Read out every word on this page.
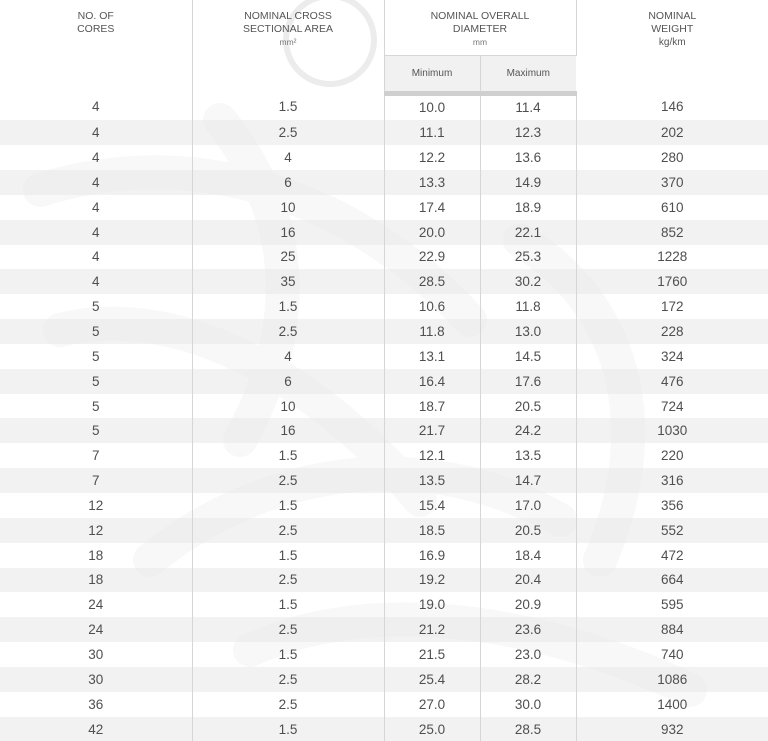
NO. OF
CORES	NOMINAL CROSS
SECTIONAL AREA
mm²	NOMINAL OVERALL
DIAMETER
mm		NOMINAL
WEIGHT
kg/km

		Minimum	Maximum	
4	1.5	10.0	11.4	146
4	2.5	11.1	12.3	202
4	4	12.2	13.6	280
4	6	13.3	14.9	370
4	10	17.4	18.9	610
4	16	20.0	22.1	852
4	25	22.9	25.3	1228
4	35	28.5	30.2	1760
5	1.5	10.6	11.8	172
5	2.5	11.8	13.0	228
5	4	13.1	14.5	324
5	6	16.4	17.6	476
5	10	18.7	20.5	724
5	16	21.7	24.2	1030
7	1.5	12.1	13.5	220
7	2.5	13.5	14.7	316
12	1.5	15.4	17.0	356
12	2.5	18.5	20.5	552
18	1.5	16.9	18.4	472
18	2.5	19.2	20.4	664
24	1.5	19.0	20.9	595
24	2.5	21.2	23.6	884
30	1.5	21.5	23.0	740
30	2.5	25.4	28.2	1086
36	2.5	27.0	30.0	1400
42	1.5	25.0	28.5	932
